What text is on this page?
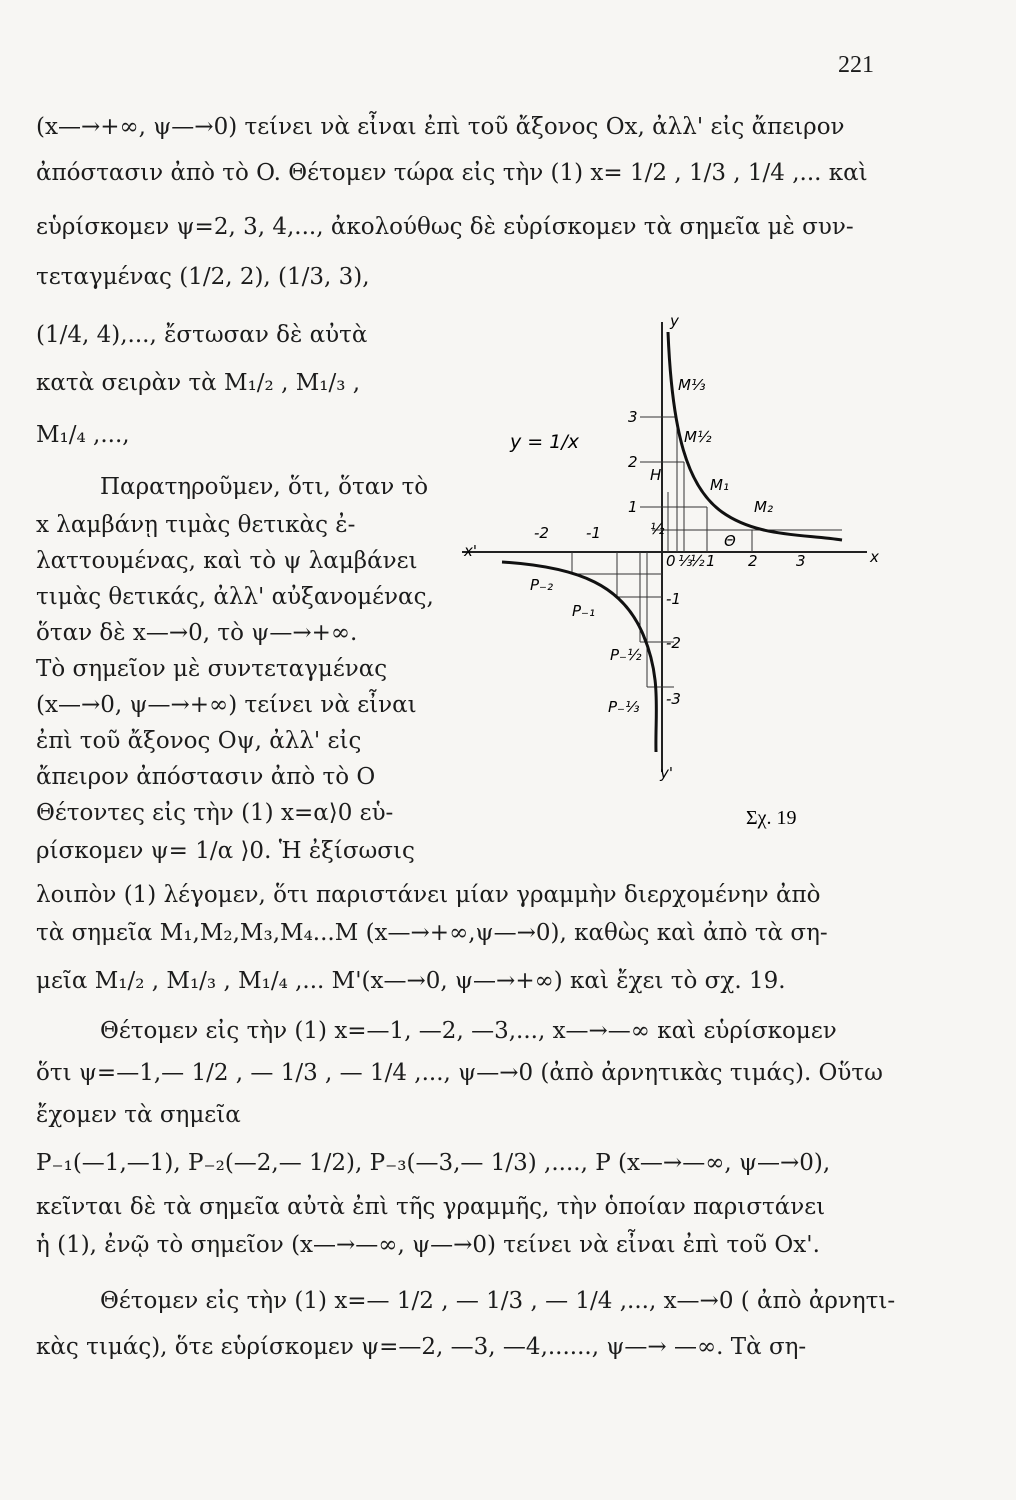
221
(x—→+∞, ψ—→0) τείνει νὰ εἶναι ἐπὶ τοῦ ἄξονος Ox, ἀλλ' εἰς ἄπειρον
ἀπόστασιν ἀπὸ τὸ O. Θέτομεν τώρα εἰς τὴν (1) x= 1/2 , 1/3 , 1/4 ,... καὶ
εὑρίσκομεν ψ=2, 3, 4,..., ἀκολούθως δὲ εὑρίσκομεν τὰ σημεῖα μὲ συν-
τεταγμένας (1/2, 2), (1/3, 3),
(1/4, 4),..., ἔστωσαν δὲ αὐτὰ
κατὰ σειρὰν τὰ M₁/₂ , M₁/₃ ,
M₁/₄ ,...,
Παρατηροῦμεν, ὅτι, ὅταν τὸ
x λαμβάνῃ τιμὰς θετικὰς ἐ-
λαττουμένας, καὶ τὸ ψ λαμβάνει
τιμὰς θετικάς, ἀλλ' αὐξανομένας,
ὅταν δὲ x—→0, τὸ ψ—→+∞.
Τὸ σημεῖον μὲ συντεταγμένας
(x—→0, ψ—→+∞) τείνει νὰ εἶναι
ἐπὶ τοῦ ἄξονος Oψ, ἀλλ' εἰς
ἄπειρον ἀπόστασιν ἀπὸ τὸ O
Θέτοντες εἰς τὴν (1) x=α⟩0 εὑ-
ρίσκομεν ψ= 1/α ⟩0. Ἡ ἐξίσωσις
λοιπὸν (1) λέγομεν, ὅτι παριστάνει μίαν γραμμὴν διερχομένην ἀπὸ
τὰ σημεῖα M₁,M₂,M₃,M₄...M (x—→+∞,ψ—→0), καθὼς καὶ ἀπὸ τὰ ση-
μεῖα M₁/₂ , M₁/₃ , M₁/₄ ,... M'(x—→0, ψ—→+∞) καὶ ἔχει τὸ σχ. 19.
Θέτομεν εἰς τὴν (1) x=—1, —2, —3,..., x—→—∞ καὶ εὑρίσκομεν
ὅτι ψ=—1,— 1/2 , — 1/3 , — 1/4 ,..., ψ—→0 (ἀπὸ ἀρνητικὰς τιμάς). Οὕτω
ἔχομεν τὰ σημεῖα
P₋₁(—1,—1), P₋₂(—2,— 1/2), P₋₃(—3,— 1/3) ,...., P (x—→—∞, ψ—→0),
κεῖνται δὲ τὰ σημεῖα αὐτὰ ἐπὶ τῆς γραμμῆς, τὴν ὁποίαν παριστάνει
ἡ (1), ἐνῷ τὸ σημεῖον (x—→—∞, ψ—→0) τείνει νὰ εἶναι ἐπὶ τοῦ Ox'.
Θέτομεν εἰς τὴν (1) x=— 1/2 , — 1/3 , — 1/4 ,..., x—→0 ( ἀπὸ ἀρνητι-
κὰς τιμάς), ὅτε εὑρίσκομεν ψ=—2, —3, —4,......, ψ—→ —∞. Τὰ ση-
y
y'
x
x'
0
-2 -1
⅓
½ 1 2	3
3
2
1
½
-1
-2
-3
y = 1/x
M⅓
M½
M₁
M₂
H
Θ
P₋₂
P₋₁
P₋½
P₋⅓
Σχ. 19
